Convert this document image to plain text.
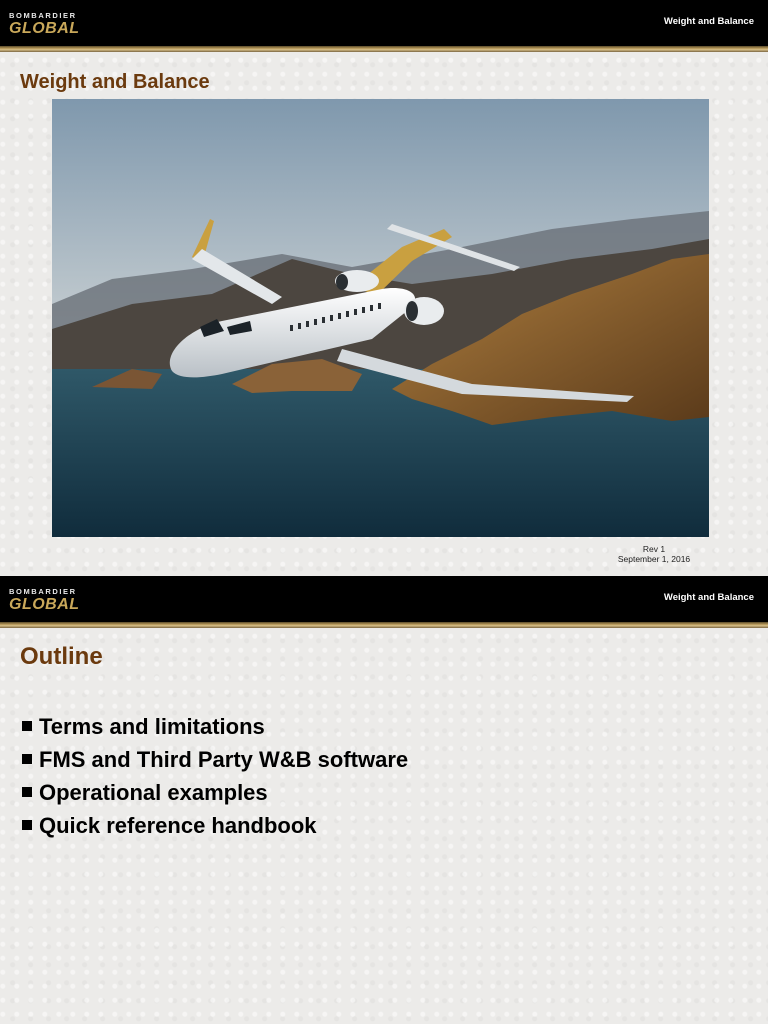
BOMBARDIER
GLOBAL	Weight and Balance
Weight and Balance
Rev 1
September 1, 2016
BOMBARDIER
GLOBAL	Weight and Balance
Outline
Terms and limitations
FMS and Third Party W&B software
Operational examples
Quick reference handbook
